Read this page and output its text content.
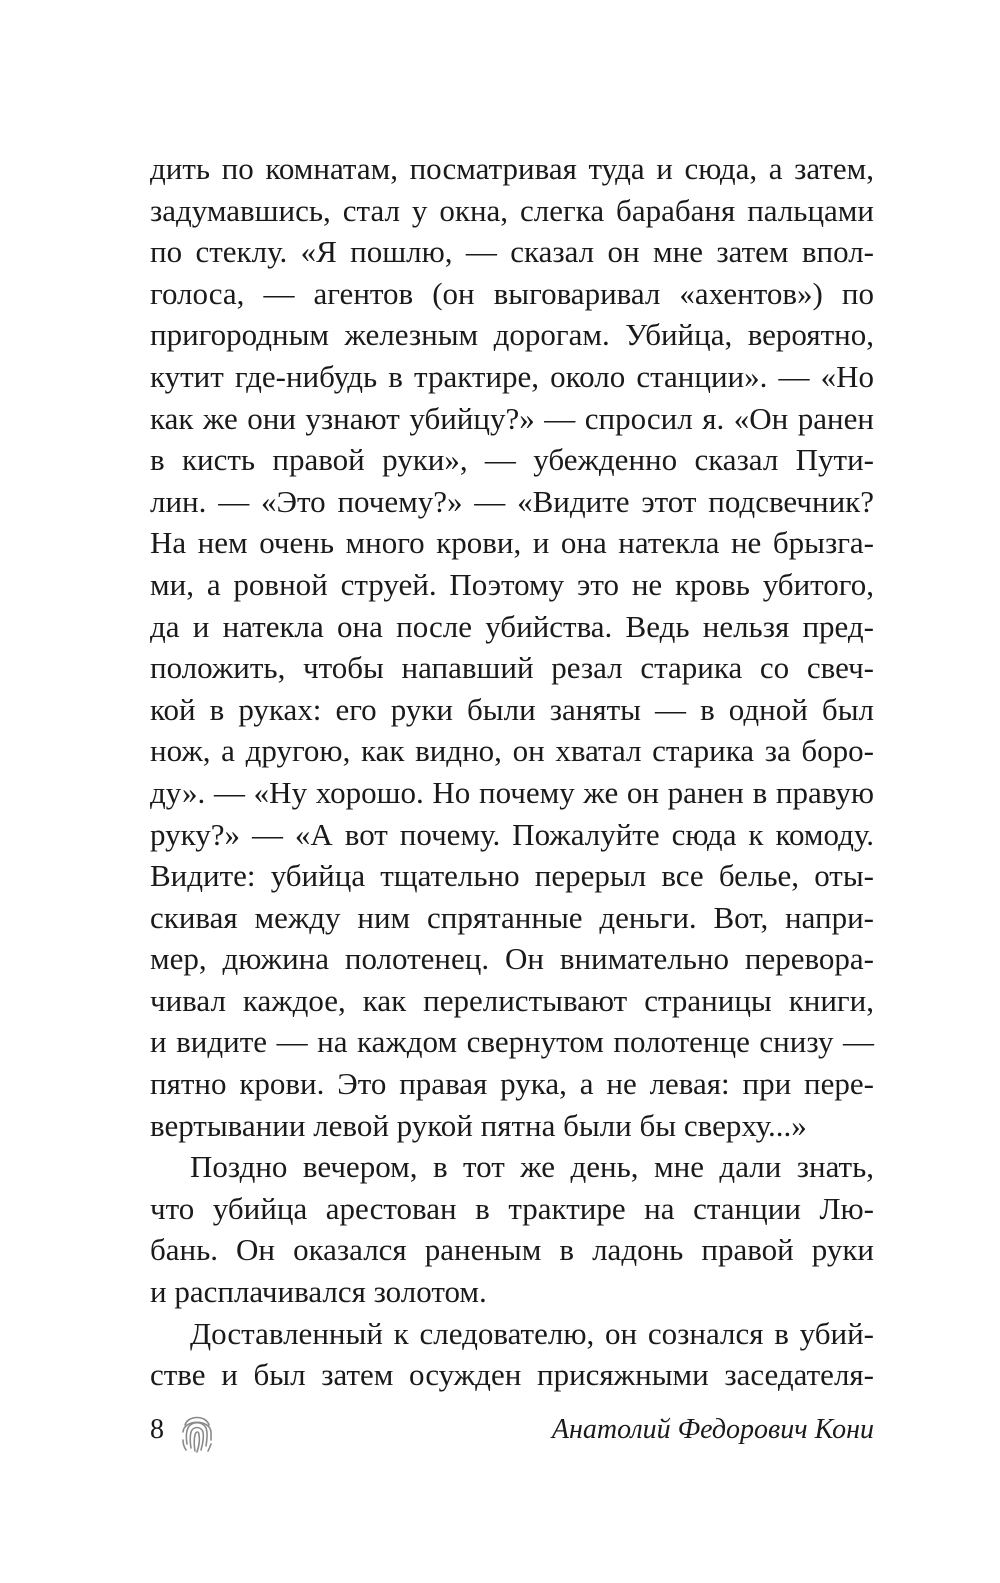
дить по комнатам, посматривая туда и сюда, а затем,
задумавшись, стал у окна, слегка барабаня пальцами
по стеклу. «Я пошлю, — сказал он мне затем впол-
голоса, — агентов (он выговаривал «ахентов») по
пригородным железным дорогам. Убийца, вероятно,
кутит где-нибудь в трактире, около станции». — «Но
как же они узнают убийцу?» — спросил я. «Он ранен
в кисть правой руки», — убежденно сказал Пути-
лин. — «Это почему?» — «Видите этот подсвечник?
На нем очень много крови, и она натекла не брызга-
ми, а ровной струей. Поэтому это не кровь убитого,
да и натекла она после убийства. Ведь нельзя пред-
положить, чтобы напавший резал старика со свеч-
кой в руках: его руки были заняты — в одной был
нож, а другою, как видно, он хватал старика за боро-
ду». — «Ну хорошо. Но почему же он ранен в правую
руку?» — «А вот почему. Пожалуйте сюда к комоду.
Видите: убийца тщательно перерыл все белье, оты-
скивая между ним спрятанные деньги. Вот, напри-
мер, дюжина полотенец. Он внимательно перевора-
чивал каждое, как перелистывают страницы книги,
и видите — на каждом свернутом полотенце снизу —
пятно крови. Это правая рука, а не левая: при пере-
вертывании левой рукой пятна были бы сверху...»
Поздно вечером, в тот же день, мне дали знать,
что убийца арестован в трактире на станции Лю-
бань. Он оказался раненым в ладонь правой руки
и расплачивался золотом.
Доставленный к следователю, он сознался в убий-
стве и был затем осужден присяжными заседателя-
8	Анатолий Федорович Кони
